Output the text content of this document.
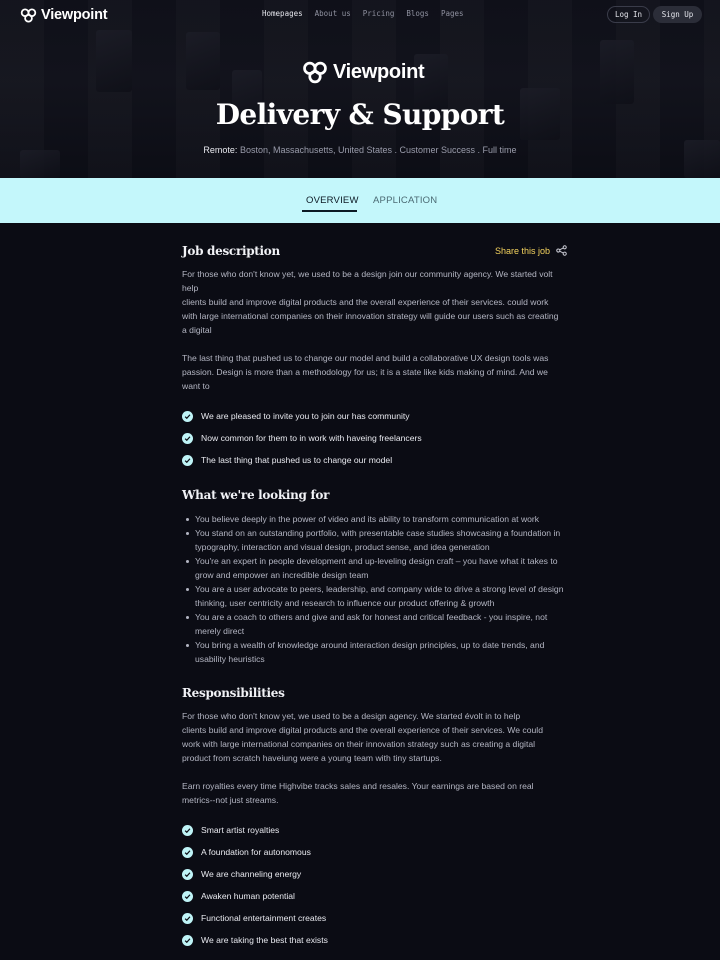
Viewpoint	Homepages About us Pricing Blogs Pages	Log In	Sign Up
Viewpoint
Delivery & Support
Remote: Boston, Massachusetts, United States . Customer Success . Full time
OVERVIEW APPLICATION
Job description	Share this job
For those who don't know yet, we used to be a design join our community agency. We started volt
help
clients build and improve digital products and the overall experience of their services. could work
with large international companies on their innovation strategy will guide our users such as creating
a digital
The last thing that pushed us to change our model and build a collaborative UX design tools was
passion. Design is more than a methodology for us; it is a state like kids making of mind. And we
want to
We are pleased to invite you to join our has community
Now common for them to in work with haveing freelancers
The last thing that pushed us to change our model
What we're looking for
You believe deeply in the power of video and its ability to transform communication at work
You stand on an outstanding portfolio, with presentable case studies showcasing a foundation in
typography, interaction and visual design, product sense, and idea generation
You're an expert in people development and up-leveling design craft – you have what it takes to
grow and empower an incredible design team
You are a user advocate to peers, leadership, and company wide to drive a strong level of design
thinking, user centricity and research to influence our product offering & growth
You are a coach to others and give and ask for honest and critical feedback - you inspire, not
merely direct
You bring a wealth of knowledge around interaction design principles, up to date trends, and
usability heuristics
Responsibilities
For those who don't know yet, we used to be a design agency. We started évolt in to help
clients build and improve digital products and the overall experience of their services. We could
work with large international companies on their innovation strategy such as creating a digital
product from scratch haveiung were a young team with tiny startups.
Earn royalties every time Highvibe tracks sales and resales. Your earnings are based on real
metrics--not just streams.
Smart artist royalties
A foundation for autonomous
We are channeling energy
Awaken human potential
Functional entertainment creates
We are taking the best that exists
